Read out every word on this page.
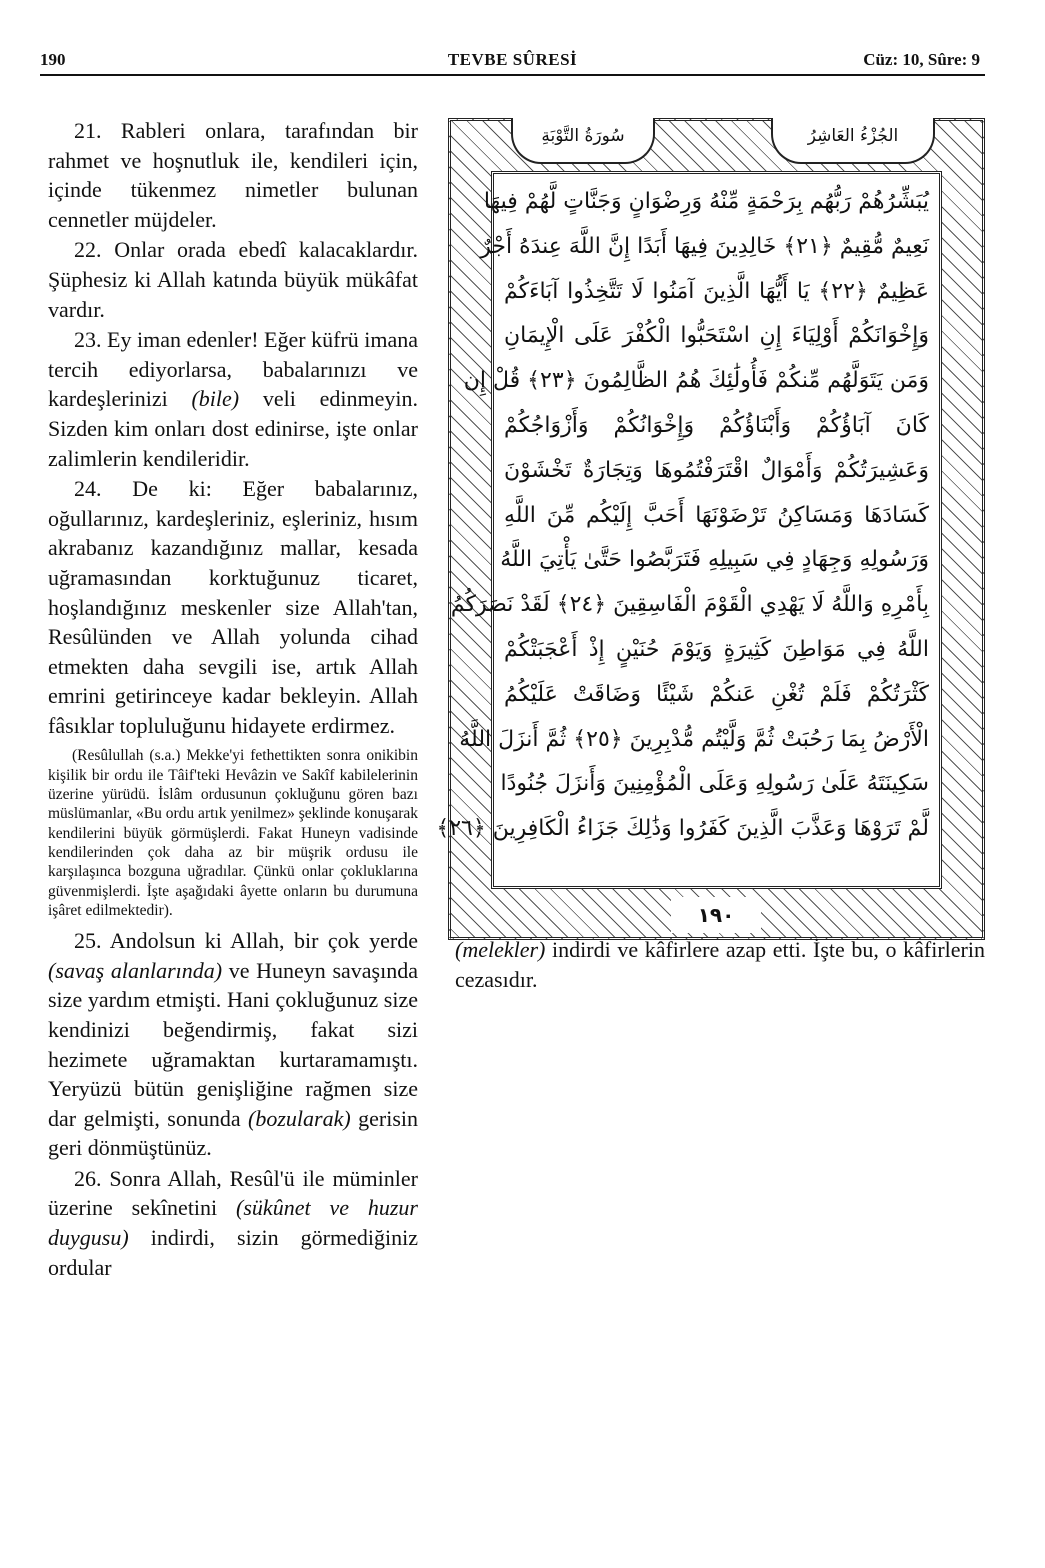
190	TEVBE SÛRESİ	Cüz: 10, Sûre: 9

21. Rableri onlara, tarafından bir rahmet ve hoşnutluk ile, kendileri için, içinde tükenmez nimetler bulunan cennetler müjdeler.

22. Onlar orada ebedî kalacaklardır. Şüphesiz ki Allah katında büyük mükâfat vardır.

23. Ey iman edenler! Eğer küfrü imana tercih ediyorlarsa, babalarınızı ve kardeşlerinizi (bile) veli edinmeyin. Sizden kim onları dost edinirse, işte onlar zalimlerin kendileridir.

24. De ki: Eğer babalarınız, oğullarınız, kardeşleriniz, eşleriniz, hısım akrabanız kazandığınız mallar, kesada uğramasından korktuğunuz ticaret, hoşlandığınız meskenler size Allah'tan, Resûlünden ve Allah yolunda cihad etmekten daha sevgili ise, artık Allah emrini getirinceye kadar bekleyin. Allah fâsıklar topluluğunu hidayete erdirmez.

(Resûlullah (s.a.) Mekke'yi fethettikten sonra onikibin kişilik bir ordu ile Tâif'teki Hevâzin ve Sakîf kabilelerinin üzerine yürüdü. İslâm ordusunun çokluğunu gören bazı müslümanlar, «Bu ordu artık yenilmez» şeklinde konuşarak kendilerini büyük görmüşlerdi. Fakat Huneyn vadisinde kendilerinden çok daha az bir müşrik ordusu ile karşılaşınca bozguna uğradılar. Çünkü onlar çokluklarına güvenmişlerdi. İşte aşağıdaki âyette onların bu durumuna işâret edilmektedir).

25. Andolsun ki Allah, bir çok yerde (savaş alanlarında) ve Huneyn savaşında size yardım etmişti. Hani çokluğunuz size kendinizi beğendirmiş, fakat sizi hezimete uğramaktan kurtaramamıştı. Yeryüzü bütün genişliğine rağmen size dar gelmişti, sonunda (bozularak) gerisin geri dönmüştünüz.

26. Sonra Allah, Resûl'ü ile müminler üzerine sekînetini (sükûnet ve huzur duygusu) indirdi, sizin görmediğiniz ordular

سُورَةُ التَّوْبَةِ	الجُزْءُ العَاشِرُ
يُبَشِّرُهُمْ رَبُّهُم بِرَحْمَةٍ مِّنْهُ وَرِضْوَانٍ وَجَنَّاتٍ لَّهُمْ فِيهَا
نَعِيمٌ مُّقِيمٌ ﴿٢١﴾ خَالِدِينَ فِيهَا أَبَدًا إِنَّ اللَّهَ عِندَهُ أَجْرٌ
عَظِيمٌ ﴿٢٢﴾ يَا أَيُّهَا الَّذِينَ آمَنُوا لَا تَتَّخِذُوا آبَاءَكُمْ
وَإِخْوَانَكُمْ أَوْلِيَاءَ إِنِ اسْتَحَبُّوا الْكُفْرَ عَلَى الْإِيمَانِ
وَمَن يَتَوَلَّهُم مِّنكُمْ فَأُولَٰئِكَ هُمُ الظَّالِمُونَ ﴿٢٣﴾ قُلْ إِن
كَانَ آبَاؤُكُمْ وَأَبْنَاؤُكُمْ وَإِخْوَانُكُمْ وَأَزْوَاجُكُمْ
وَعَشِيرَتُكُمْ وَأَمْوَالٌ اقْتَرَفْتُمُوهَا وَتِجَارَةٌ تَخْشَوْنَ
كَسَادَهَا وَمَسَاكِنُ تَرْضَوْنَهَا أَحَبَّ إِلَيْكُم مِّنَ اللَّهِ
وَرَسُولِهِ وَجِهَادٍ فِي سَبِيلِهِ فَتَرَبَّصُوا حَتَّىٰ يَأْتِيَ اللَّهُ
بِأَمْرِهِ وَاللَّهُ لَا يَهْدِي الْقَوْمَ الْفَاسِقِينَ ﴿٢٤﴾ لَقَدْ نَصَرَكُمُ
اللَّهُ فِي مَوَاطِنَ كَثِيرَةٍ وَيَوْمَ حُنَيْنٍ إِذْ أَعْجَبَتْكُمْ
كَثْرَتُكُمْ فَلَمْ تُغْنِ عَنكُمْ شَيْئًا وَضَاقَتْ عَلَيْكُمُ
الْأَرْضُ بِمَا رَحُبَتْ ثُمَّ وَلَّيْتُم مُّدْبِرِينَ ﴿٢٥﴾ ثُمَّ أَنزَلَ اللَّهُ
سَكِينَتَهُ عَلَىٰ رَسُولِهِ وَعَلَى الْمُؤْمِنِينَ وَأَنزَلَ جُنُودًا
لَّمْ تَرَوْهَا وَعَذَّبَ الَّذِينَ كَفَرُوا وَذَٰلِكَ جَزَاءُ الْكَافِرِينَ ﴿٢٦﴾
١٩٠
(melekler) indirdi ve kâfirlere azap etti. İşte bu, o kâfirlerin cezasıdır.
